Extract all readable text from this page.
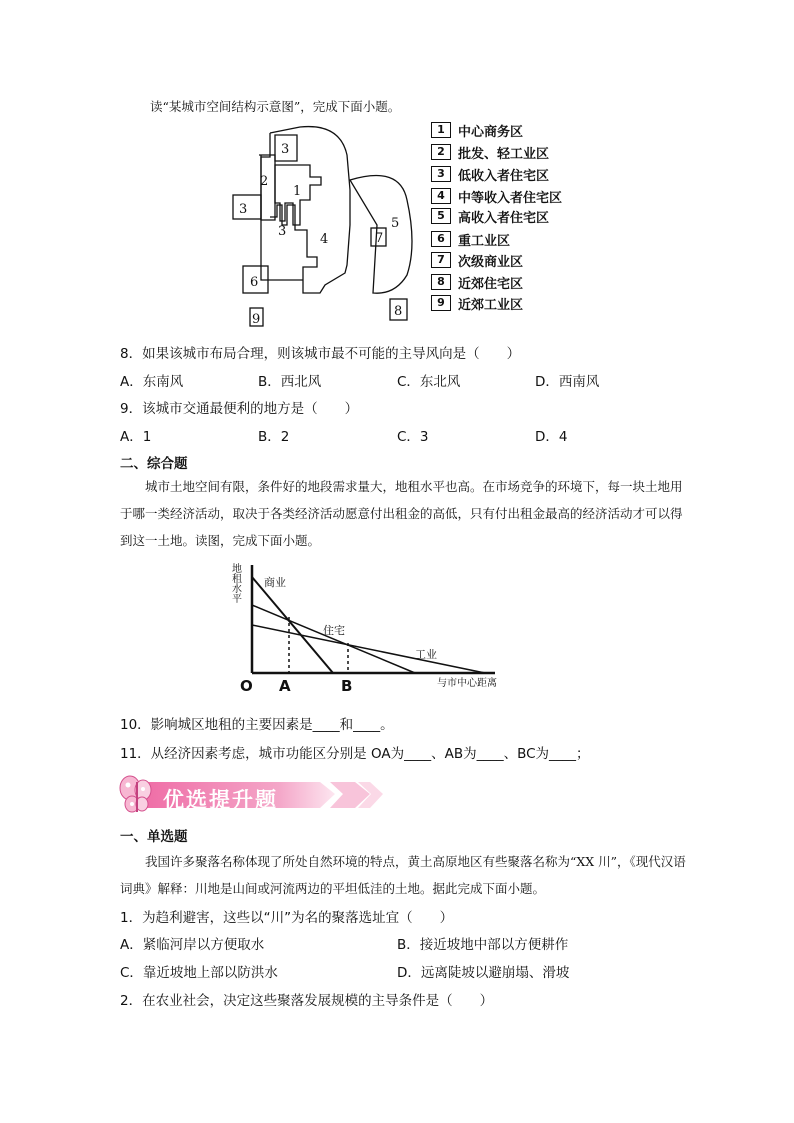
读“某城市空间结构示意图”，完成下面小题。
3
2
1
3
3
4	7
5
6
9
8
1	中心商务区
2	批发、轻工业区
3	低收入者住宅区
4	中等收入者住宅区
5	高收入者住宅区
6	重工业区
7	次级商业区
8	近郊住宅区
9	近郊工业区
8．如果该城市布局合理，则该城市最不可能的主导风向是（　　）
A．东南风	B．西北风	C．东北风	D．西南风
9．该城市交通最便利的地方是（　　）
A．1	B．2	C．3	D．4
二、综合题
城市土地空间有限，条件好的地段需求量大，地租水平也高。在市场竞争的环境下，每一块土地用于哪一类经济活动，取决于各类经济活动愿意付出租金的高低，只有付出租金最高的经济活动才可以得到这一土地。读图，完成下面小题。
地
租
水
平
商业
住宅
工业
O A	B	与市中心距离
10．影响城区地租的主要因素是____和____。
11．从经济因素考虑，城市功能区分别是 OA为____、AB为____、BC为____；
优选提升题
一、单选题
我国许多聚落名称体现了所处自然环境的特点，黄土高原地区有些聚落名称为“XX 川”，《现代汉语词典》解释：川地是山间或河流两边的平坦低洼的土地。据此完成下面小题。
1．为趋利避害，这些以“川”为名的聚落选址宜（　　）
A．紧临河岸以方便取水	B．接近坡地中部以方便耕作
C．靠近坡地上部以防洪水	D．远离陡坡以避崩塌、滑坡
2．在农业社会，决定这些聚落发展规模的主导条件是（　　）
